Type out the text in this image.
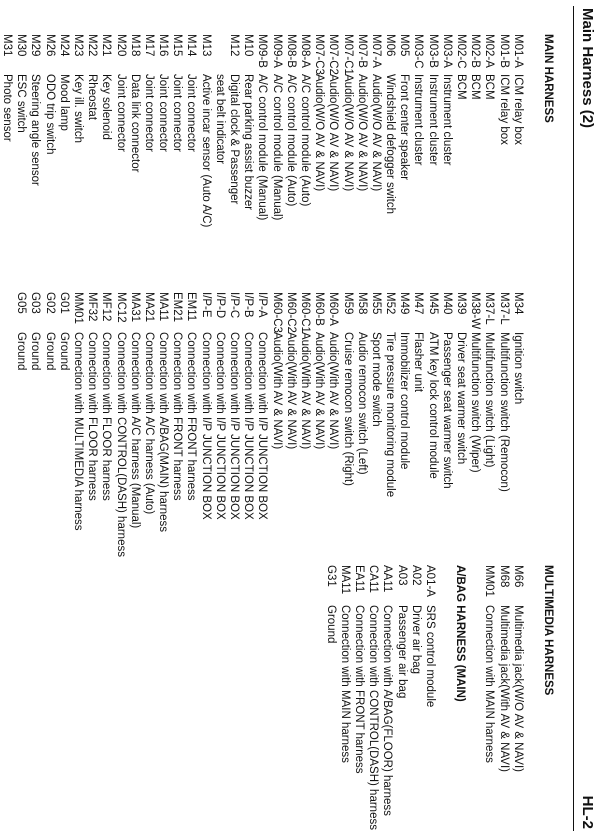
Main Harness (2)
HL-2
MAIN HARNESS
M01-A
ICM relay box
M01-B
ICM relay box
M02-A
BCM
M02-B
BCM
M02-C
BCM
M03-A
Instrument cluster
M03-B
Instrument cluster
M03-C
Instrument cluster
M05
Front center speaker
M06
Windshield defogger switch
M07-A
Audio(W/O AV & NAVI)
M07-B
Audio(W/O AV & NAVI)
M07-C1
Audio(W/O AV & NAVI)
M07-C2
Audio(W/O AV & NAVI)
M07-C3
Audio(W/O AV & NAVI)
M08-A
A/C control module (Auto)
M08-B
A/C control module (Auto)
M09-A
A/C control module (Manual)
M09-B
A/C control module (Manual)
M10
Rear parking assist buzzer
M12
Digital clock & Passenger
seat belt indicator
M13
Active incar sensor (Auto A/C)
M14
Joint connector
M15
Joint connector
M16
Joint connector
M17
Joint connector
M18
Data link connector
M20
Joint connector
M21
Key solenoid
M22
Rheostat
M23
Key ill. switch
M24
Mood lamp
M26
ODO trip switch
M29
Steering angle sensor
M30
ESC switch
M31
Photo sensor
M34
Ignition switch
M37-L
Multifunction switch (Remocon)
M37-L
Multifunction switch (Light)
M38-W
Multifunction switch (Wiper)
M39
Driver seat warmer switch
M40
Passenger seat warmer switch
M45
ATM key lock control module
M47
Flasher unit
M49
Immobilizer control module
M52
Tire pressure monitoring module
M55
Sport mode switch
M58
Audio remocon switch (Left)
M59
Cruise remocon switch (Right)
M60-A
Audio(With AV & NAVI)
M60-B
Audio(With AV & NAVI)
M60-C1
Audio(With AV & NAVI)
M60-C2
Audio(With AV & NAVI)
M60-C3
Audio(With AV & NAVI)
I/P-A
Connection with I/P JUNCTION BOX
I/P-B
Connection with I/P JUNCTION BOX
I/P-C
Connection with I/P JUNCTION BOX
I/P-D
Connection with I/P JUNCTION BOX
I/P-E
Connection with I/P JUNCTION BOX
EM11
Connection with FRONT harness
EM21
Connection with FRONT harness
MA11
Connection with A/BAG(MAIN) harness
MA21
Connection with A/C harness (Auto)
MA31
Connection with A/C harness (Manual)
MC12
Connection with CONTROL(DASH) harness
MF12
Connection with FLOOR harness
MF32
Connection with FLOOR harness
MM01
Connection with MULTIMEDIA harness
G01
Ground
G02
Ground
G03
Ground
G05
Ground
MULTIMEDIA HARNESS
M66
Multimedia jack(W/O AV & NAVI)
M68
Multimedia jack(With AV & NAVI)
MM01
Connection with MAIN harness
A/BAG HARNESS (MAIN)
A01-A
SRS control module
A02
Driver air bag
A03
Passenger air bag
AA11
Connection with A/BAG(FLOOR) harness
CA11
Connection with CONTROL(DASH) harness
EA11
Connection with FRONT harness
MA11
Connection with MAIN harness
G31
Ground
